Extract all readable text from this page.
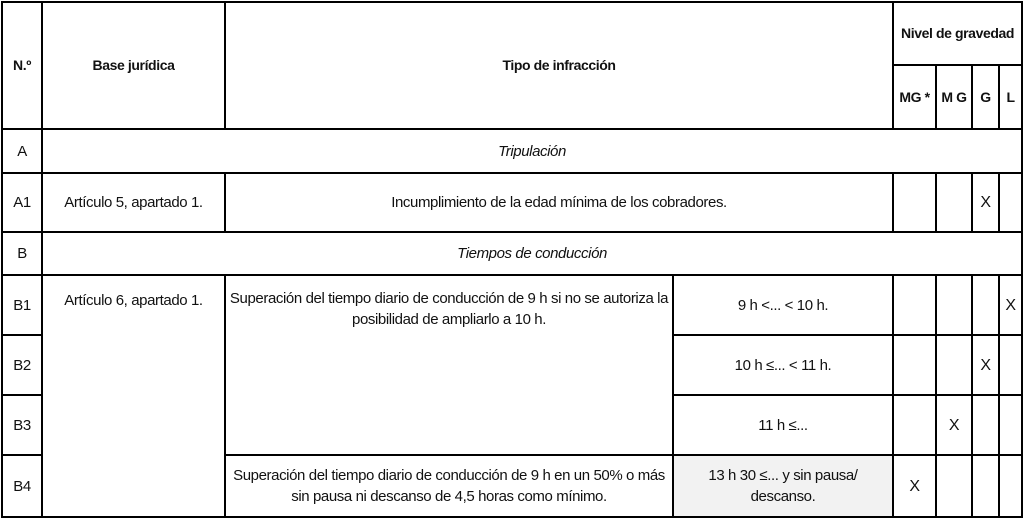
N.º	Base jurídica	Tipo de infracción		Nivel de gravedad			
				MG *	M G	G	L
A	Tripulación						
A1	Artículo 5, apartado 1.	Incumplimiento de la edad mínima de los cobradores.				X	
B	Tiempos de conducción						
B1	Artículo 6, apartado 1.	Superación del tiempo diario de conducción de 9 h si no se autoriza la posibilidad de ampliarlo a 10 h.	9 h <... < 10 h.				X
B2			10 h ≤... < 11 h.			X	
B3			11 h ≤...		X		
B4		Superación del tiempo diario de conducción de 9 h en un 50% o más sin pausa ni descanso de 4,5 horas como mínimo.	13 h 30 ≤... y sin pausa/ descanso.	X			
